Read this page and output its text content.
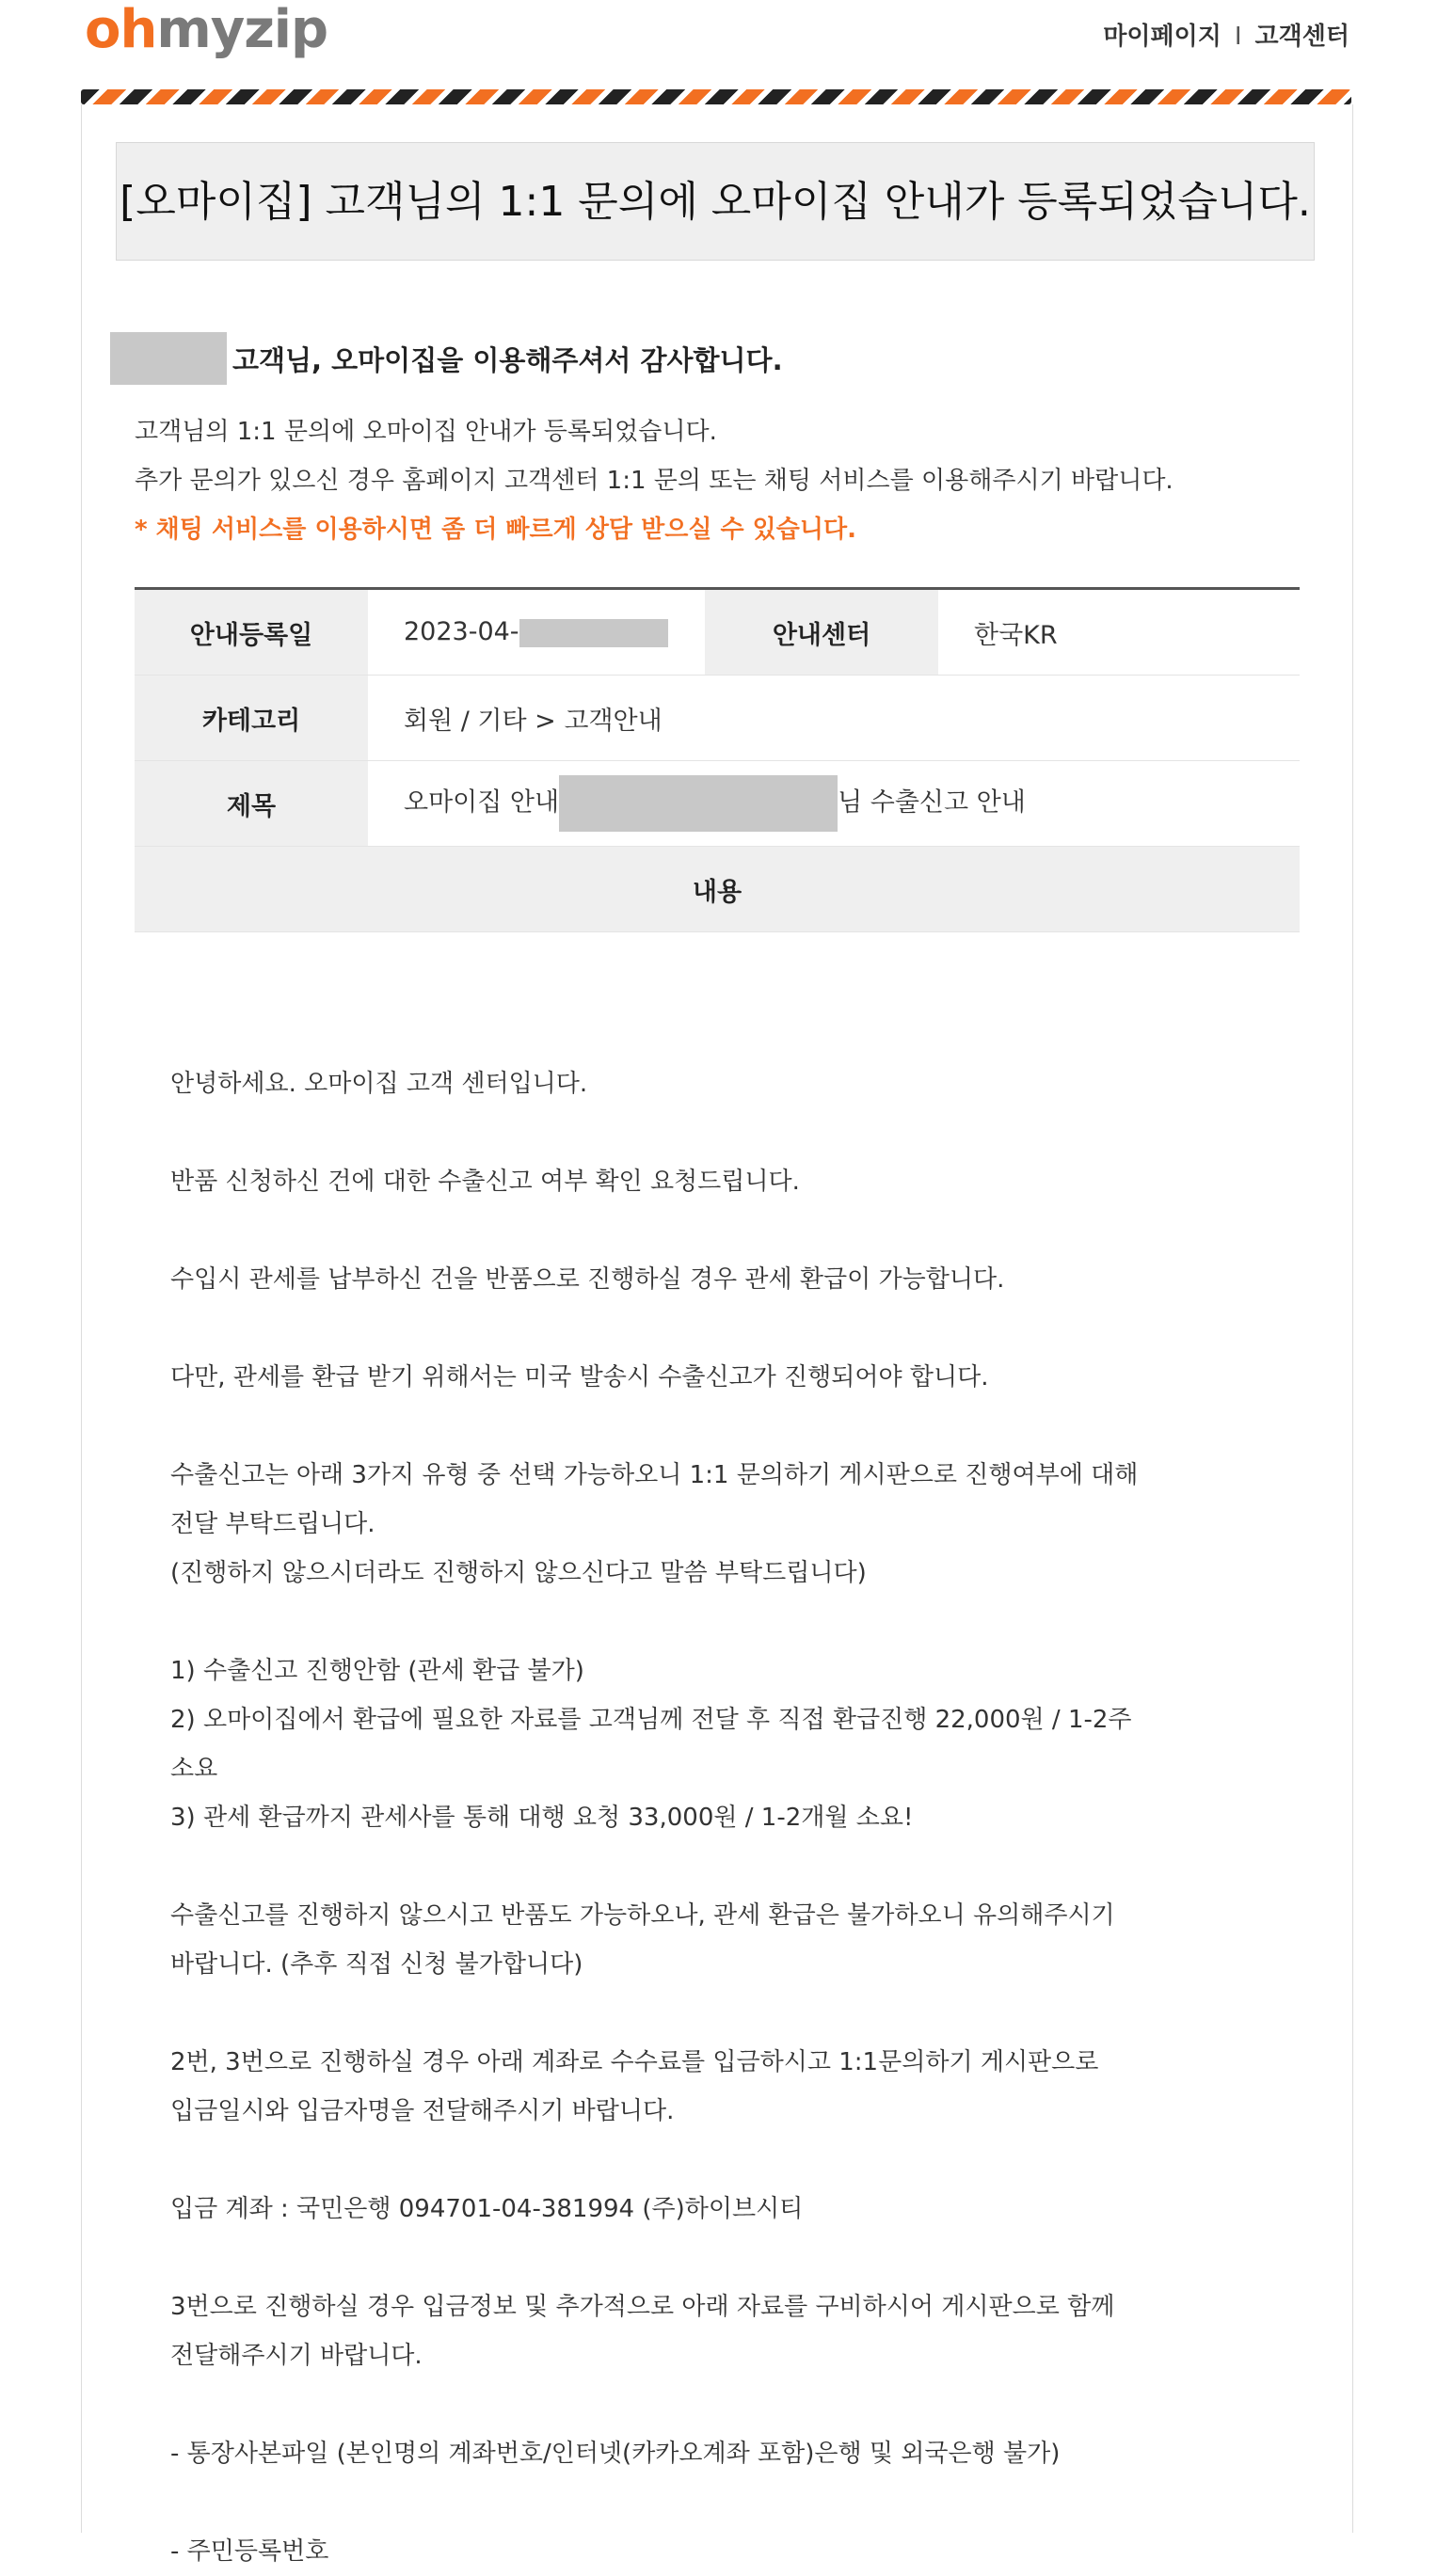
ohmyzip	마이페이지 I 고객센터
[오마이집] 고객님의 1:1 문의에 오마이집 안내가 등록되었습니다.
고객님, 오마이집을 이용해주셔서 감사합니다.
고객님의 1:1 문의에 오마이집 안내가 등록되었습니다.
추가 문의가 있으신 경우 홈페이지 고객센터 1:1 문의 또는 채팅 서비스를 이용해주시기 바랍니다.
* 채팅 서비스를 이용하시면 좀 더 빠르게 상담 받으실 수 있습니다.
안내등록일	2023-04-	안내센터	한국KR
카테고리	회원 / 기타 > 고객안내		
제목	오마이집 안내 님 수출신고 안내		
내용			

안녕하세요. 오마이집 고객 센터입니다.

반품 신청하신 건에 대한 수출신고 여부 확인 요청드립니다.

수입시 관세를 납부하신 건을 반품으로 진행하실 경우 관세 환급이 가능합니다.

다만, 관세를 환급 받기 위해서는 미국 발송시 수출신고가 진행되어야 합니다.

수출신고는 아래 3가지 유형 중 선택 가능하오니 1:1 문의하기 게시판으로 진행여부에 대해

전달 부탁드립니다.

(진행하지 않으시더라도 진행하지 않으신다고 말씀 부탁드립니다)

1) 수출신고 진행안함 (관세 환급 불가)

2) 오마이집에서 환급에 필요한 자료를 고객님께 전달 후 직접 환급진행 22,000원 / 1-2주

소요

3) 관세 환급까지 관세사를 통해 대행 요청 33,000원 / 1-2개월 소요!

수출신고를 진행하지 않으시고 반품도 가능하오나, 관세 환급은 불가하오니 유의해주시기

바랍니다. (추후 직접 신청 불가합니다)

2번, 3번으로 진행하실 경우 아래 계좌로 수수료를 입금하시고 1:1문의하기 게시판으로

입금일시와 입금자명을 전달해주시기 바랍니다.

입금 계좌 : 국민은행 094701-04-381994 (주)하이브시티

3번으로 진행하실 경우 입금정보 및 추가적으로 아래 자료를 구비하시어 게시판으로 함께

전달해주시기 바랍니다.

- 통장사본파일 (본인명의 계좌번호/인터넷(카카오계좌 포함)은행 및 외국은행 불가)

- 주민등록번호
